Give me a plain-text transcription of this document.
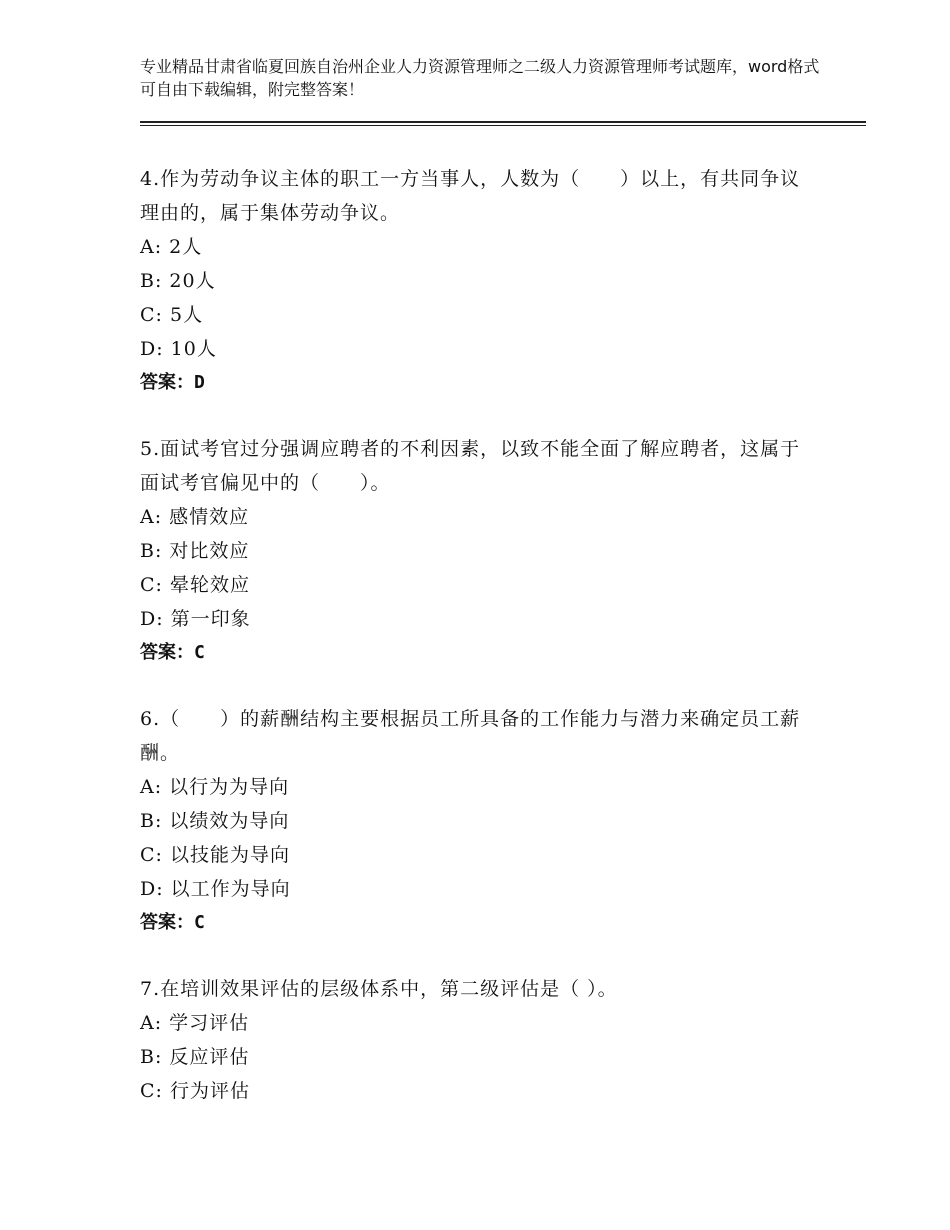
专业精品甘肃省临夏回族自治州企业人力资源管理师之二级人力资源管理师考试题库，word格式可自由下载编辑，附完整答案！
4.作为劳动争议主体的职工一方当事人，人数为（　　）以上，有共同争议理由的，属于集体劳动争议。
A: 2人
B: 20人
C: 5人
D: 10人
答案：D
5.面试考官过分强调应聘者的不利因素，以致不能全面了解应聘者，这属于面试考官偏见中的（　　）。
A: 感情效应
B: 对比效应
C: 晕轮效应
D: 第一印象
答案：C
6.（　　）的薪酬结构主要根据员工所具备的工作能力与潜力来确定员工薪酬。
A: 以行为为导向
B: 以绩效为导向
C: 以技能为导向
D: 以工作为导向
答案：C
7.在培训效果评估的层级体系中，第二级评估是（ ）。
A: 学习评估
B: 反应评估
C: 行为评估
